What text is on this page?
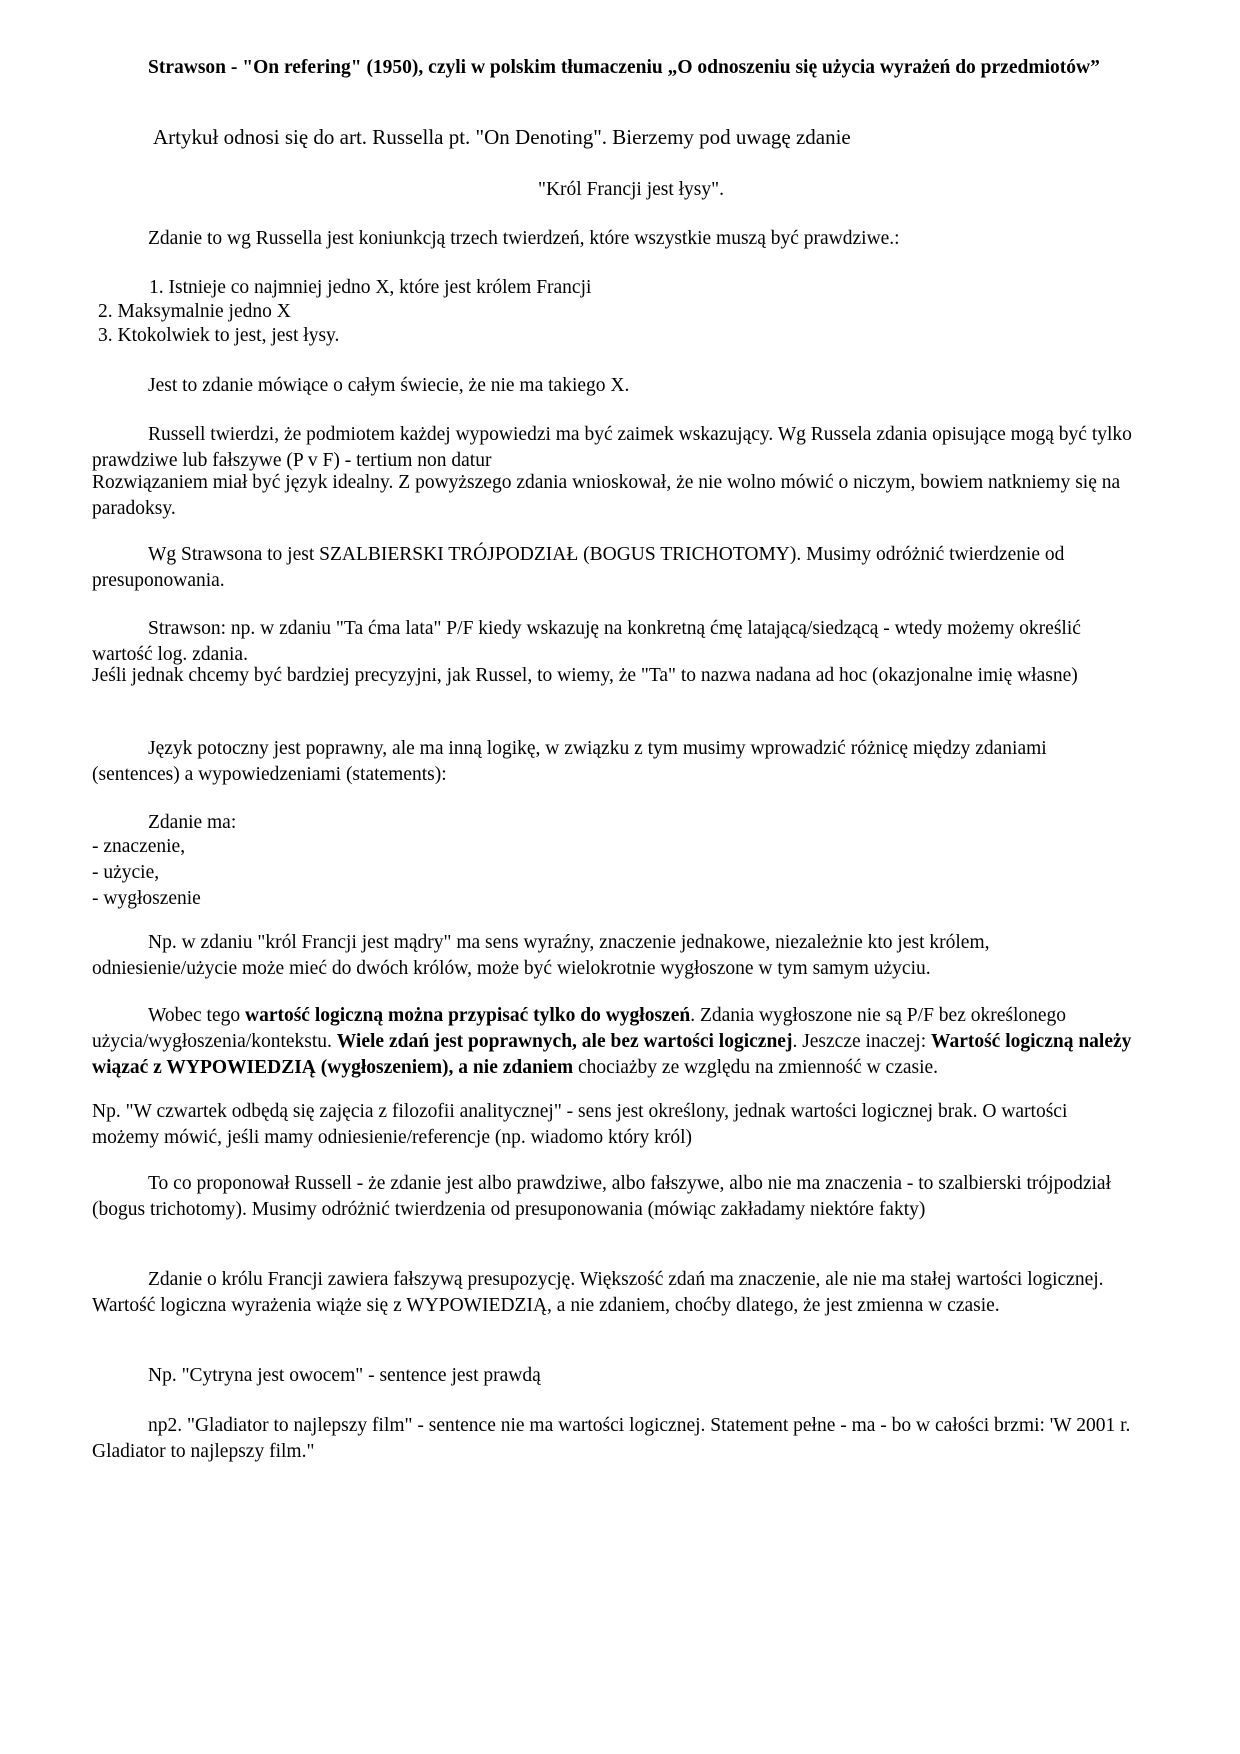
Strawson - "On refering" (1950), czyli w polskim tłumaczeniu „O odnoszeniu się użycia wyrażeń do przedmiotów”

Artykuł odnosi się do art. Russella pt. "On Denoting". Bierzemy pod uwagę zdanie

"Król Francji jest łysy".

Zdanie to wg Russella jest koniunkcją trzech twierdzeń, które wszystkie muszą być prawdziwe.:

1. Istnieje co najmniej jedno X, które jest królem Francji
2. Maksymalnie jedno X
3. Ktokolwiek to jest, jest łysy.

Jest to zdanie mówiące o całym świecie, że nie ma takiego X.

Russell twierdzi, że podmiotem każdej wypowiedzi ma być zaimek wskazujący. Wg Russela zdania opisujące mogą być tylko prawdziwe lub fałszywe (P v F) - tertium non datur

Rozwiązaniem miał być język idealny. Z powyższego zdania wnioskował, że nie wolno mówić o niczym, bowiem natkniemy się na paradoksy.

Wg Strawsona to jest SZALBIERSKI TRÓJPODZIAŁ (BOGUS TRICHOTOMY). Musimy odróżnić twierdzenie od presuponowania.

Strawson: np. w zdaniu "Ta ćma lata" P/F kiedy wskazuję na konkretną ćmę latającą/siedzącą - wtedy możemy określić wartość log. zdania.

Jeśli jednak chcemy być bardziej precyzyjni, jak Russel, to wiemy, że "Ta" to nazwa nadana ad hoc (okazjonalne imię własne)

Język potoczny jest poprawny, ale ma inną logikę, w związku z tym musimy wprowadzić różnicę między zdaniami (sentences) a wypowiedzeniami (statements):

Zdanie ma:

- znaczenie,
- użycie,
- wygłoszenie

Np. w zdaniu "król Francji jest mądry" ma sens wyraźny, znaczenie jednakowe, niezależnie kto jest królem, odniesienie/użycie może mieć do dwóch królów, może być wielokrotnie wygłoszone w tym samym użyciu.

Wobec tego wartość logiczną można przypisać tylko do wygłoszeń. Zdania wygłoszone nie są P/F bez określonego użycia/wygłoszenia/kontekstu. Wiele zdań jest poprawnych, ale bez wartości logicznej. Jeszcze inaczej: Wartość logiczną należy wiązać z WYPOWIEDZIĄ (wygłoszeniem), a nie zdaniem chociażby ze względu na zmienność w czasie.

Np. "W czwartek odbędą się zajęcia z filozofii analitycznej" - sens jest określony, jednak wartości logicznej brak. O wartości możemy mówić, jeśli mamy odniesienie/referencje (np. wiadomo który król)

To co proponował Russell - że zdanie jest albo prawdziwe, albo fałszywe, albo nie ma znaczenia - to szalbierski trójpodział (bogus trichotomy). Musimy odróżnić twierdzenia od presuponowania (mówiąc zakładamy niektóre fakty)

Zdanie o królu Francji zawiera fałszywą presupozycję. Większość zdań ma znaczenie, ale nie ma stałej wartości logicznej. Wartość logiczna wyrażenia wiąże się z WYPOWIEDZIĄ, a nie zdaniem, choćby dlatego, że jest zmienna w czasie.

Np. "Cytryna jest owocem" - sentence jest prawdą

np2. "Gladiator to najlepszy film" - sentence nie ma wartości logicznej. Statement pełne - ma - bo w całości brzmi: 'W 2001 r. Gladiator to najlepszy film."
